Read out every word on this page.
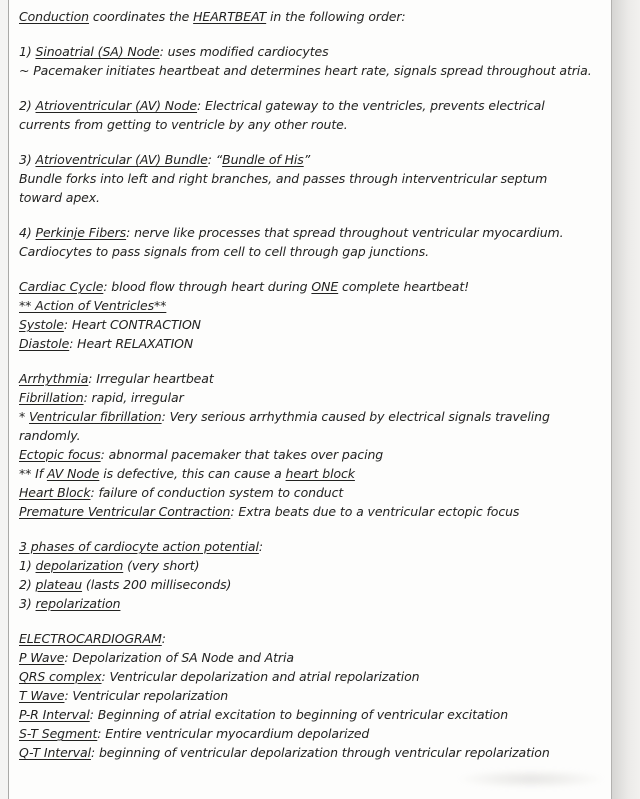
Conduction coordinates the HEARTBEAT in the following order:
1) Sinoatrial (SA) Node: uses modified cardiocytes
~ Pacemaker initiates heartbeat and determines heart rate, signals spread throughout atria.
2) Atrioventricular (AV) Node: Electrical gateway to the ventricles, prevents electrical
currents from getting to ventricle by any other route.
3) Atrioventricular (AV) Bundle: “Bundle of His”
Bundle forks into left and right branches, and passes through interventricular septum
toward apex.
4) Perkinje Fibers: nerve like processes that spread throughout ventricular myocardium.
Cardiocytes to pass signals from cell to cell through gap junctions.
Cardiac Cycle: blood flow through heart during ONE complete heartbeat!
** Action of Ventricles**
Systole: Heart CONTRACTION
Diastole: Heart RELAXATION
Arrhythmia: Irregular heartbeat
Fibrillation: rapid, irregular
* Ventricular fibrillation: Very serious arrhythmia caused by electrical signals traveling
randomly.
Ectopic focus: abnormal pacemaker that takes over pacing
** If AV Node is defective, this can cause a heart block
Heart Block: failure of conduction system to conduct
Premature Ventricular Contraction: Extra beats due to a ventricular ectopic focus
3 phases of cardiocyte action potential:
1) depolarization (very short)
2) plateau (lasts 200 milliseconds)
3) repolarization
ELECTROCARDIOGRAM:
P Wave: Depolarization of SA Node and Atria
QRS complex: Ventricular depolarization and atrial repolarization
T Wave: Ventricular repolarization
P-R Interval: Beginning of atrial excitation to beginning of ventricular excitation
S-T Segment: Entire ventricular myocardium depolarized
Q-T Interval: beginning of ventricular depolarization through ventricular repolarization
